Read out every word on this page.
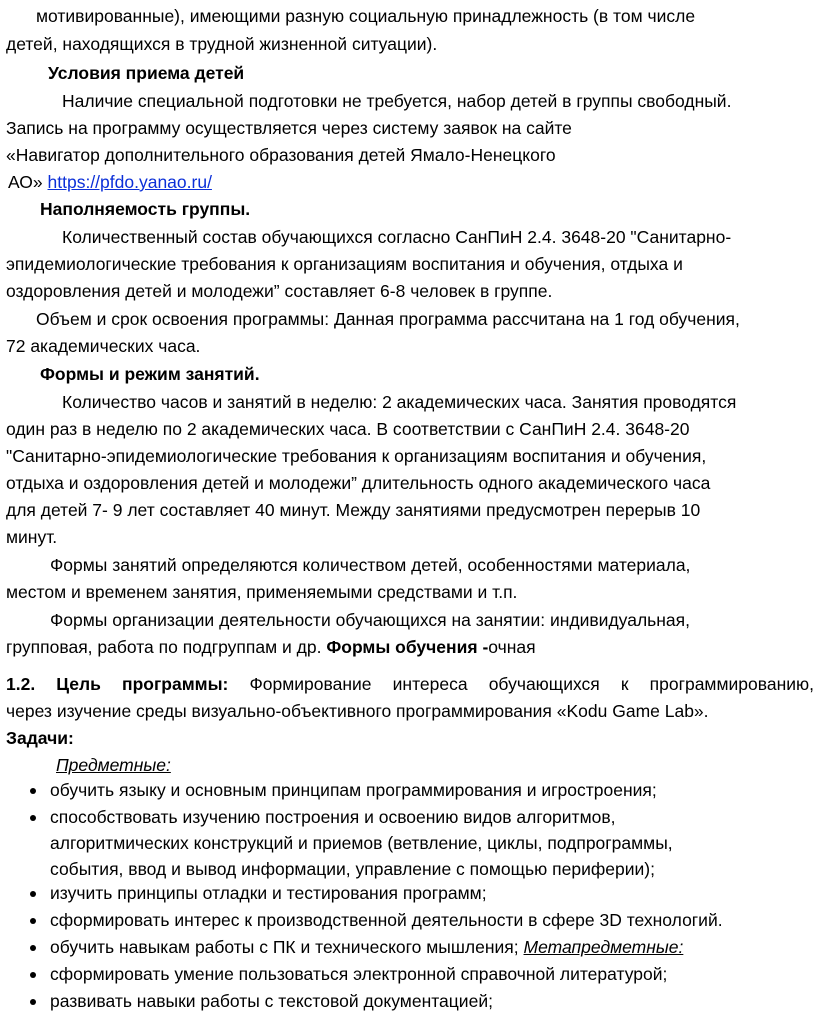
мотивированные), имеющими разную социальную принадлежность (в том числе
детей, находящихся в трудной жизненной ситуации).
Условия приема детей
Наличие специальной подготовки не требуется, набор детей в группы свободный.
Запись на программу осуществляется через систему заявок на сайте
«Навигатор дополнительного образования детей Ямало-Ненецкого
АО» https://pfdo.yanao.ru/
Наполняемость группы.
Количественный состав обучающихся согласно СанПиН 2.4. 3648-20 "Санитарно-
эпидемиологические требования к организациям воспитания и обучения, отдыха и
оздоровления детей и молодежи” составляет 6-8 человек в группе.
Объем и срок освоения программы: Данная программа рассчитана на 1 год обучения,
72 академических часа.
Формы и режим занятий.
Количество часов и занятий в неделю: 2 академических часа. Занятия проводятся
один раз в неделю по 2 академических часа. В соответствии с СанПиН 2.4. 3648-20
"Санитарно-эпидемиологические требования к организациям воспитания и обучения,
отдыха и оздоровления детей и молодежи” длительность одного академического часа
для детей 7- 9 лет составляет 40 минут. Между занятиями предусмотрен перерыв 10
минут.
Формы занятий определяются количеством детей, особенностями материала,
местом и временем занятия, применяемыми средствами и т.п.
Формы организации деятельности обучающихся на занятии: индивидуальная,
групповая, работа по подгруппам и др. Формы обучения -очная
1.2. Цель программы: Формирование интереса обучающихся к программированию,
через изучение среды визуально-объективного программирования «Kodu Game Lab».
Задачи:
Предметные:
обучить языку и основным принципам программирования и игростроения;
способствовать изучению построения и освоению видов алгоритмов,
алгоритмических конструкций и приемов (ветвление, циклы, подпрограммы,
события, ввод и вывод информации, управление с помощью периферии);
изучить принципы отладки и тестирования программ;
сформировать интерес к производственной деятельности в сфере 3D технологий.
обучить навыкам работы с ПК и технического мышления; Метапредметные:
сформировать умение пользоваться электронной справочной литературой;
развивать навыки работы с текстовой документацией;
